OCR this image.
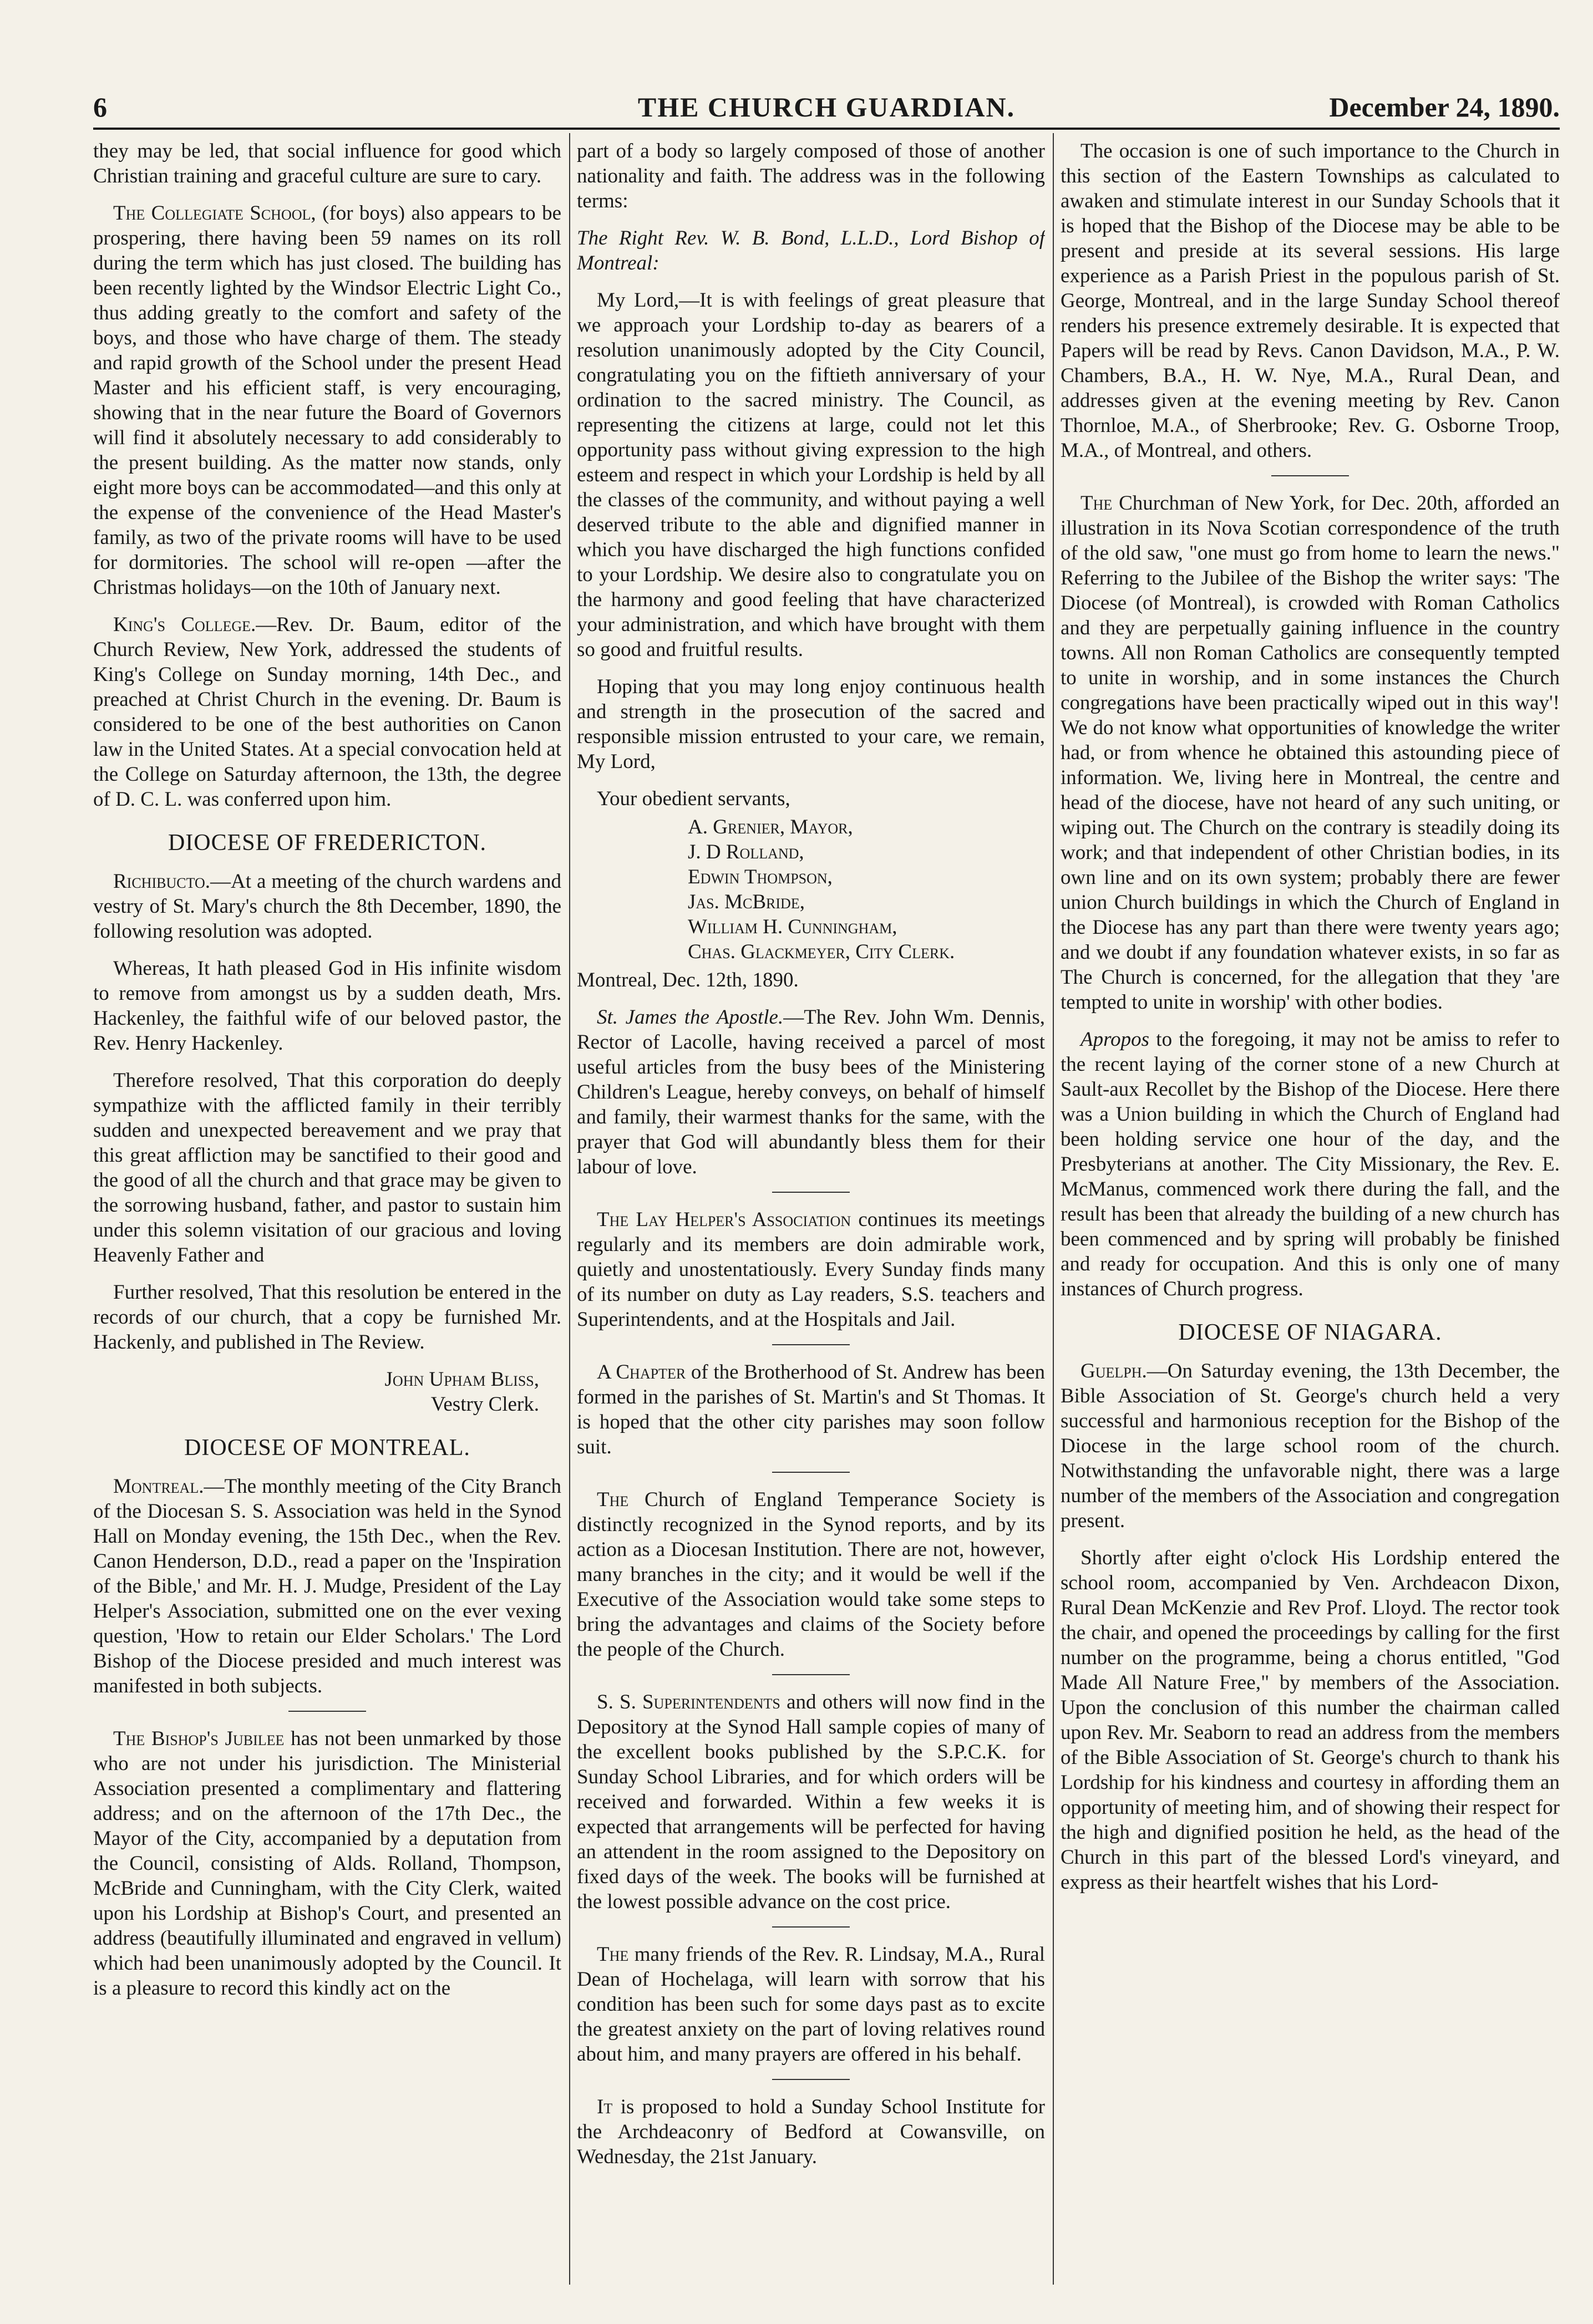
6	THE CHURCH GUARDIAN.	December 24, 1890.

they may be led, that social influence for good which Christian training and graceful culture are sure to cary.

The Collegiate School, (for boys) also appears to be prospering, there having been 59 names on its roll during the term which has just closed. The building has been recently lighted by the Windsor Electric Light Co., thus adding greatly to the comfort and safety of the boys, and those who have charge of them. The steady and rapid growth of the School under the present Head Master and his efficient staff, is very encouraging, showing that in the near future the Board of Governors will find it absolutely necessary to add considerably to the present building. As the matter now stands, only eight more boys can be accommodated—and this only at the expense of the convenience of the Head Master's family, as two of the private rooms will have to be used for dormitories. The school will re-open —after the Christmas holidays—on the 10th of January next.

King's College.—Rev. Dr. Baum, editor of the Church Review, New York, addressed the students of King's College on Sunday morning, 14th Dec., and preached at Christ Church in the evening. Dr. Baum is considered to be one of the best authorities on Canon law in the United States. At a special convocation held at the College on Saturday afternoon, the 13th, the degree of D. C. L. was conferred upon him.

DIOCESE OF FREDERICTON.

Richibucto.—At a meeting of the church wardens and vestry of St. Mary's church the 8th December, 1890, the following resolution was adopted.

Whereas, It hath pleased God in His infinite wisdom to remove from amongst us by a sudden death, Mrs. Hackenley, the faithful wife of our beloved pastor, the Rev. Henry Hackenley.

Therefore resolved, That this corporation do deeply sympathize with the afflicted family in their terribly sudden and unexpected bereavement and we pray that this great affliction may be sanctified to their good and the good of all the church and that grace may be given to the sorrowing husband, father, and pastor to sustain him under this solemn visitation of our gracious and loving Heavenly Father and

Further resolved, That this resolution be entered in the records of our church, that a copy be furnished Mr. Hackenly, and published in The Review.

John Upham Bliss,

Vestry Clerk.

DIOCESE OF MONTREAL.

Montreal.—The monthly meeting of the City Branch of the Diocesan S. S. Association was held in the Synod Hall on Monday evening, the 15th Dec., when the Rev. Canon Henderson, D.D., read a paper on the 'Inspiration of the Bible,' and Mr. H. J. Mudge, President of the Lay Helper's Association, submitted one on the ever vexing question, 'How to retain our Elder Scholars.' The Lord Bishop of the Diocese presided and much interest was manifested in both subjects.

The Bishop's Jubilee has not been unmarked by those who are not under his jurisdiction. The Ministerial Association presented a complimentary and flattering address; and on the afternoon of the 17th Dec., the Mayor of the City, accompanied by a deputation from the Council, consisting of Alds. Rolland, Thompson, McBride and Cunningham, with the City Clerk, waited upon his Lordship at Bishop's Court, and presented an address (beautifully illuminated and engraved in vellum) which had been unanimously adopted by the Council. It is a pleasure to record this kindly act on the

part of a body so largely composed of those of another nationality and faith. The address was in the following terms:

The Right Rev. W. B. Bond, L.L.D., Lord Bishop of Montreal:

My Lord,—It is with feelings of great pleasure that we approach your Lordship to-day as bearers of a resolution unanimously adopted by the City Council, congratulating you on the fiftieth anniversary of your ordination to the sacred ministry. The Council, as representing the citizens at large, could not let this opportunity pass without giving expression to the high esteem and respect in which your Lordship is held by all the classes of the community, and without paying a well deserved tribute to the able and dignified manner in which you have discharged the high functions confided to your Lordship. We desire also to congratulate you on the harmony and good feeling that have characterized your administration, and which have brought with them so good and fruitful results.

Hoping that you may long enjoy continuous health and strength in the prosecution of the sacred and responsible mission entrusted to your care, we remain, My Lord,

Your obedient servants,

A. Grenier, Mayor,
J. D Rolland,
Edwin Thompson,
Jas. McBride,
William H. Cunningham,
Chas. Glackmeyer, City Clerk.

Montreal, Dec. 12th, 1890.

St. James the Apostle.—The Rev. John Wm. Dennis, Rector of Lacolle, having received a parcel of most useful articles from the busy bees of the Ministering Children's League, hereby conveys, on behalf of himself and family, their warmest thanks for the same, with the prayer that God will abundantly bless them for their labour of love.

The Lay Helper's Association continues its meetings regularly and its members are doin admirable work, quietly and unostentatiously. Every Sunday finds many of its number on duty as Lay readers, S.S. teachers and Superintendents, and at the Hospitals and Jail.

A Chapter of the Brotherhood of St. Andrew has been formed in the parishes of St. Martin's and St Thomas. It is hoped that the other city parishes may soon follow suit.

The Church of England Temperance Society is distinctly recognized in the Synod reports, and by its action as a Diocesan Institution. There are not, however, many branches in the city; and it would be well if the Executive of the Association would take some steps to bring the advantages and claims of the Society before the people of the Church.

S. S. Superintendents and others will now find in the Depository at the Synod Hall sample copies of many of the excellent books published by the S.P.C.K. for Sunday School Libraries, and for which orders will be received and forwarded. Within a few weeks it is expected that arrangements will be perfected for having an attendent in the room assigned to the Depository on fixed days of the week. The books will be furnished at the lowest possible advance on the cost price.

The many friends of the Rev. R. Lindsay, M.A., Rural Dean of Hochelaga, will learn with sorrow that his condition has been such for some days past as to excite the greatest anxiety on the part of loving relatives round about him, and many prayers are offered in his behalf.

It is proposed to hold a Sunday School Institute for the Archdeaconry of Bedford at Cowansville, on Wednesday, the 21st January.

The occasion is one of such importance to the Church in this section of the Eastern Townships as calculated to awaken and stimulate interest in our Sunday Schools that it is hoped that the Bishop of the Diocese may be able to be present and preside at its several sessions. His large experience as a Parish Priest in the populous parish of St. George, Montreal, and in the large Sunday School thereof renders his presence extremely desirable. It is expected that Papers will be read by Revs. Canon Davidson, M.A., P. W. Chambers, B.A., H. W. Nye, M.A., Rural Dean, and addresses given at the evening meeting by Rev. Canon Thornloe, M.A., of Sherbrooke; Rev. G. Osborne Troop, M.A., of Montreal, and others.

The Churchman of New York, for Dec. 20th, afforded an illustration in its Nova Scotian correspondence of the truth of the old saw, "one must go from home to learn the news." Referring to the Jubilee of the Bishop the writer says: 'The Diocese (of Montreal), is crowded with Roman Catholics and they are perpetually gaining influence in the country towns. All non Roman Catholics are consequently tempted to unite in worship, and in some instances the Church congregations have been practically wiped out in this way'! We do not know what opportunities of knowledge the writer had, or from whence he obtained this astounding piece of information. We, living here in Montreal, the centre and head of the diocese, have not heard of any such uniting, or wiping out. The Church on the contrary is steadily doing its work; and that independent of other Christian bodies, in its own line and on its own system; probably there are fewer union Church buildings in which the Church of England in the Diocese has any part than there were twenty years ago; and we doubt if any foundation whatever exists, in so far as The Church is concerned, for the allegation that they 'are tempted to unite in worship' with other bodies.

Apropos to the foregoing, it may not be amiss to refer to the recent laying of the corner stone of a new Church at Sault-aux Recollet by the Bishop of the Diocese. Here there was a Union building in which the Church of England had been holding service one hour of the day, and the Presbyterians at another. The City Missionary, the Rev. E. McManus, commenced work there during the fall, and the result has been that already the building of a new church has been commenced and by spring will probably be finished and ready for occupation. And this is only one of many instances of Church progress.

DIOCESE OF NIAGARA.

Guelph.—On Saturday evening, the 13th December, the Bible Association of St. George's church held a very successful and harmonious reception for the Bishop of the Diocese in the large school room of the church. Notwithstanding the unfavorable night, there was a large number of the members of the Association and congregation present.

Shortly after eight o'clock His Lordship entered the school room, accompanied by Ven. Archdeacon Dixon, Rural Dean McKenzie and Rev Prof. Lloyd. The rector took the chair, and opened the proceedings by calling for the first number on the programme, being a chorus entitled, "God Made All Nature Free," by members of the Association. Upon the conclusion of this number the chairman called upon Rev. Mr. Seaborn to read an address from the members of the Bible Association of St. George's church to thank his Lordship for his kindness and courtesy in affording them an opportunity of meeting him, and of showing their respect for the high and dignified position he held, as the head of the Church in this part of the blessed Lord's vineyard, and express as their heartfelt wishes that his Lord-
